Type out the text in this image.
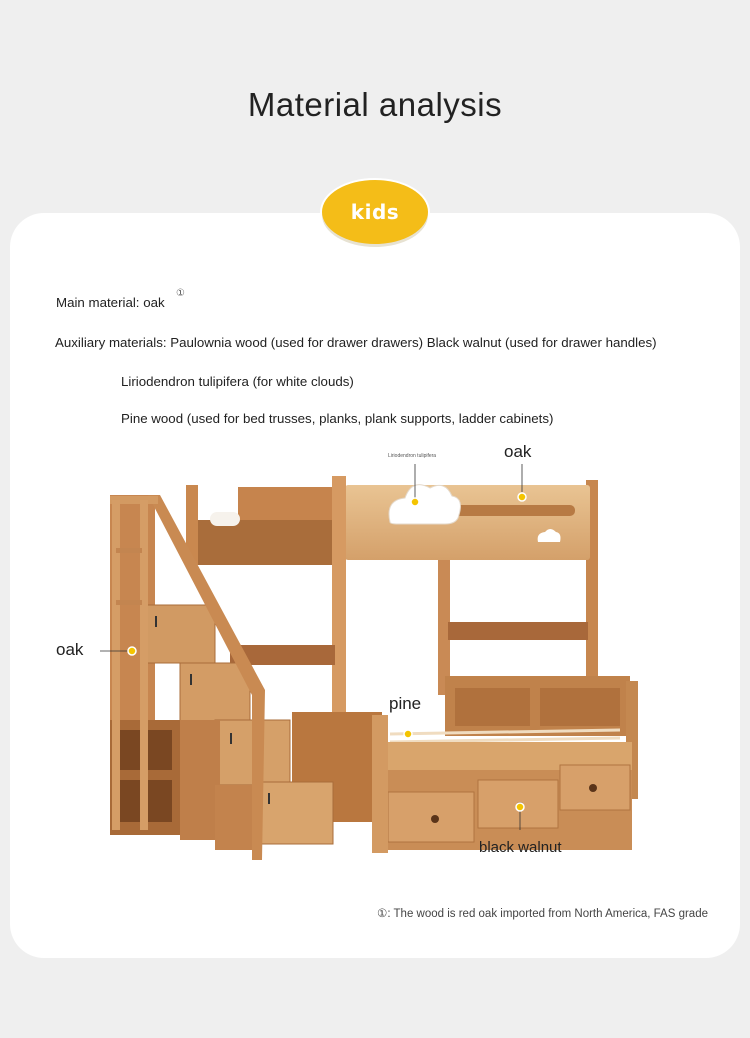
Material analysis
kids
Main material: oak
①
Auxiliary materials: Paulownia wood (used for drawer drawers) Black walnut (used for drawer handles)
Liriodendron tulipifera (for white clouds)
Pine wood (used for bed trusses, planks, plank supports, ladder cabinets)
Liriodendron tulipifera	oak
oak
pine
black walnut
①: The wood is red oak imported from North America, FAS grade
